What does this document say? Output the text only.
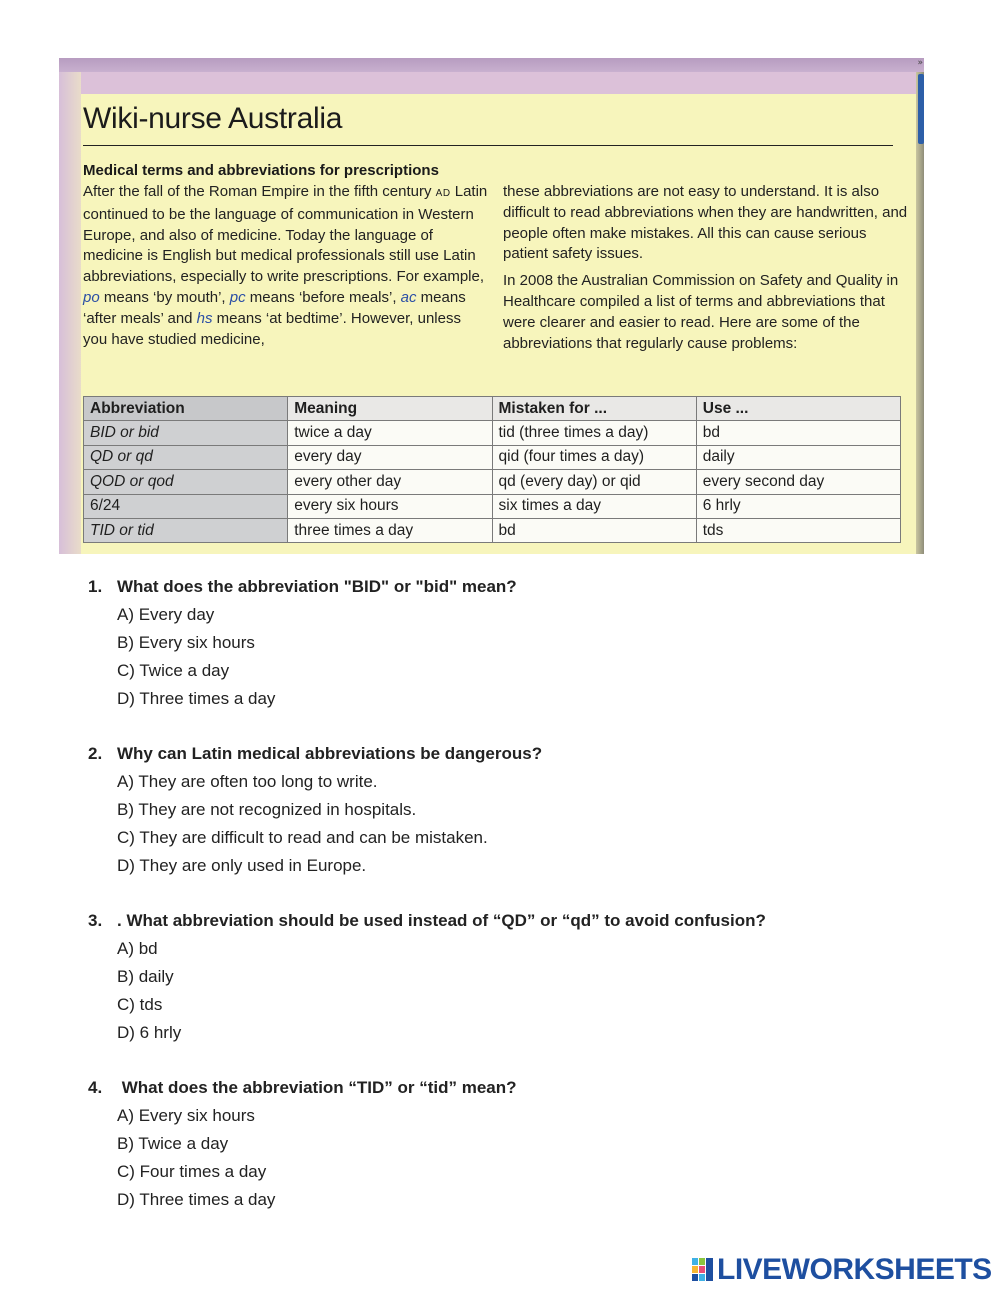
»
Wiki-nurse Australia
Medical terms and abbreviations for prescriptions
After the fall of the Roman Empire in the fifth century AD Latin continued to be the language of communication in Western Europe, and also of medicine. Today the language of medicine is English but medical professionals still use Latin abbreviations, especially to write prescriptions. For example, po means ‘by mouth’, pc means ‘before meals’, ac means ‘after meals’ and hs means ‘at bedtime’. However, unless you have studied medicine,

these abbreviations are not easy to understand. It is also difficult to read abbreviations when they are handwritten, and people often make mistakes. All this can cause serious patient safety issues.

In 2008 the Australian Commission on Safety and Quality in Healthcare compiled a list of terms and abbreviations that were clearer and easier to read. Here are some of the abbreviations that regularly cause problems:

Abbreviation	Meaning	Mistaken for ...	Use ...
BID or bid	twice a day	tid (three times a day)	bd
QD or qd	every day	qid (four times a day)	daily
QOD or qod	every other day	qd (every day) or qid	every second day
6/24	every six hours	six times a day	6 hrly
TID or tid	three times a day	bd	tds
1. What does the abbreviation "BID" or "bid" mean?
A) Every day
B) Every six hours
C) Twice a day
D) Three times a day
2. Why can Latin medical abbreviations be dangerous?
A) They are often too long to write.
B) They are not recognized in hospitals.
C) They are difficult to read and can be mistaken.
D) They are only used in Europe.
3. . What abbreviation should be used instead of “QD” or “qd” to avoid confusion?
A) bd
B) daily
C) tds
D) 6 hrly
4. What does the abbreviation “TID” or “tid” mean?
A) Every six hours
B) Twice a day
C) Four times a day
D) Three times a day
LIVEWORKSHEETS
